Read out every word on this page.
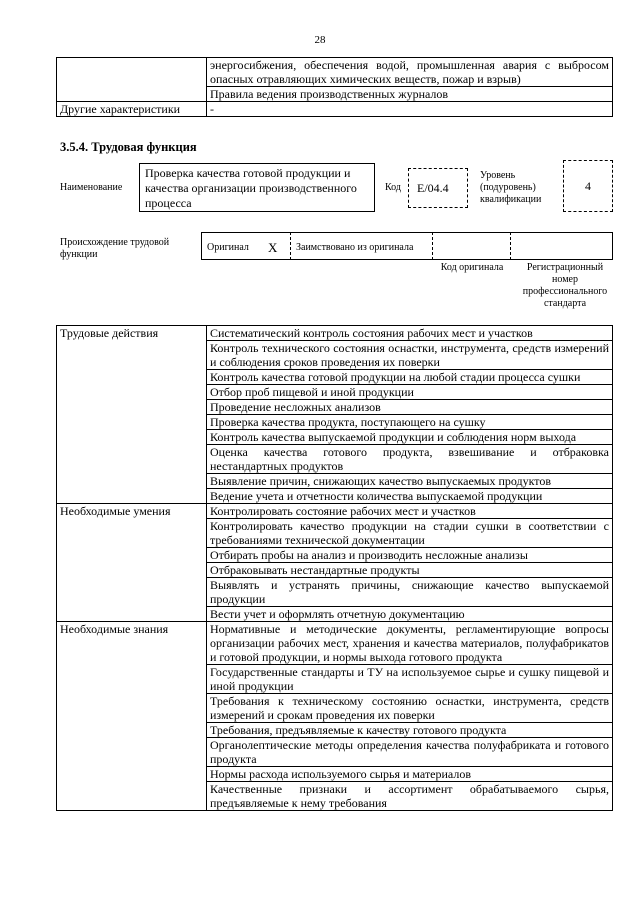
28
	энергосибжения, обеспечения водой, промышленная авария с выбросом опасных отравляющих химических веществ, пожар и взрыв)
	Правила ведения производственных журналов
Другие характеристики	-
3.5.4. Трудовая функция
Наименование
Проверка качества готовой продукции и качества организации производственного процесса
Код	E/04.4
Уровень (подуровень) квалификации
4
Происхождение трудовой функции
Оригинал X Заимствовано из оригинала
Код оригинала	Регистрационный номер профессионального стандарта
Трудовые действия	Систематический контроль состояния рабочих мест и участков
	Контроль технического состояния оснастки, инструмента, средств измерений и соблюдения сроков проведения их поверки
	Контроль качества готовой продукции на любой стадии процесса сушки
	Отбор проб пищевой и иной продукции
	Проведение несложных анализов
	Проверка качества продукта, поступающего на сушку
	Контроль качества выпускаемой продукции и соблюдения норм выхода
	Оценка качества готового продукта, взвешивание и отбраковка нестандартных продуктов
	Выявление причин, снижающих качество выпускаемых продуктов
	Ведение учета и отчетности количества выпускаемой продукции
Необходимые умения	Контролировать состояние рабочих мест и участков
	Контролировать качество продукции на стадии сушки в соответствии с требованиями технической документации
	Отбирать пробы на анализ и производить несложные анализы
	Отбраковывать нестандартные продукты
	Выявлять и устранять причины, снижающие качество выпускаемой продукции
	Вести учет и оформлять отчетную документацию
Необходимые знания	Нормативные и методические документы, регламентирующие вопросы организации рабочих мест, хранения и качества материалов, полуфабрикатов и готовой продукции, и нормы выхода готового продукта
	Государственные стандарты и ТУ на используемое сырье и сушку пищевой и иной продукции
	Требования к техническому состоянию оснастки, инструмента, средств измерений и срокам проведения их поверки
	Требования, предъявляемые к качеству готового продукта
	Органолептические методы определения качества полуфабриката и готового продукта
	Нормы расхода используемого сырья и материалов
	Качественные признаки и ассортимент обрабатываемого сырья, предъявляемые к нему требования
